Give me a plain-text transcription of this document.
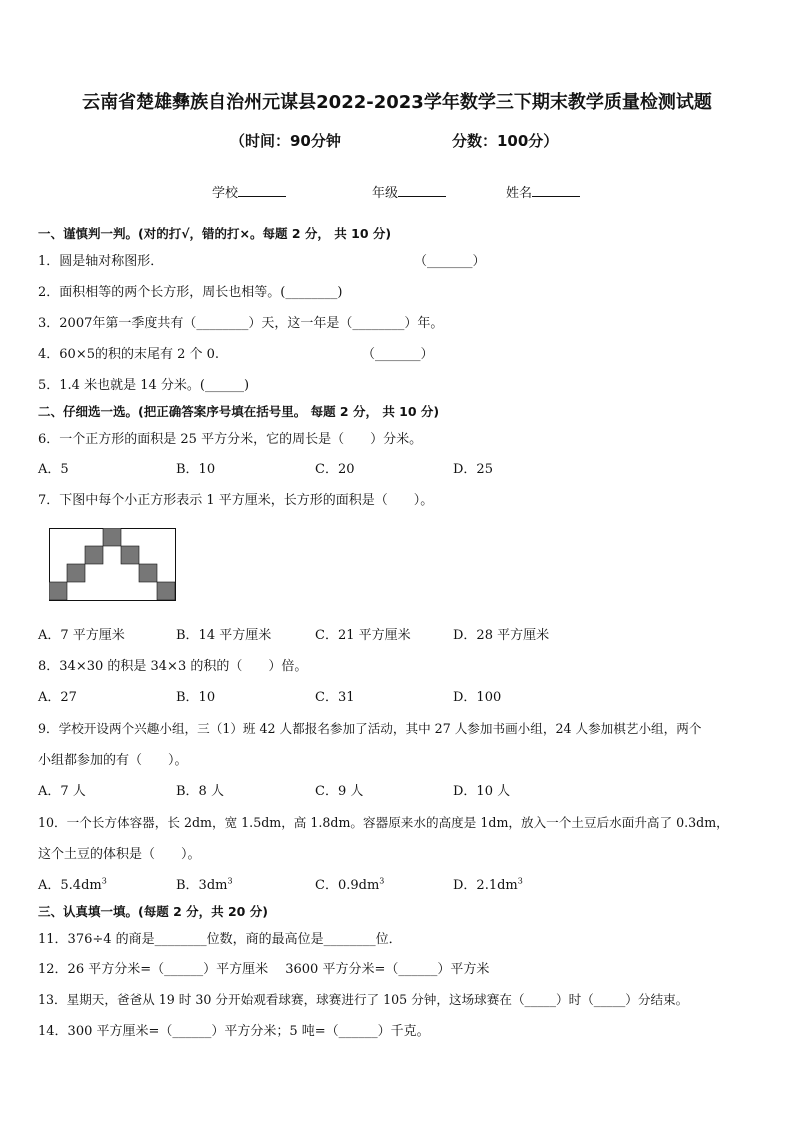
云南省楚雄彝族自治州元谋县2022-2023学年数学三下期末教学质量检测试题
（时间：90分钟	分数：100分）
学校	年级	姓名
一、谨慎判一判。(对的打√，错的打×。每题 2 分， 共 10 分)
1．圆是轴对称图形．	（_______）
2．面积相等的两个长方形，周长也相等。(________)
3．2007年第一季度共有（________）天，这一年是（________）年。
4．60×5的积的末尾有 2 个 0.	（_______）
5．1.4 米也就是 14 分米。(______)
二、仔细选一选。(把正确答案序号填在括号里。 每题 2 分， 共 10 分)
6．一个正方形的面积是 25 平方分米，它的周长是（　　）分米。
A．5	B．10	C．20	D．25
7．下图中每个小正方形表示 1 平方厘米，长方形的面积是（　　）。
A．7 平方厘米	B．14 平方厘米	C．21 平方厘米	D．28 平方厘米
8．34×30 的积是 34×3 的积的（　　）倍。
A．27	B．10	C．31	D．100
9．学校开设两个兴趣小组，三（1）班 42 人都报名参加了活动，其中 27 人参加书画小组，24 人参加棋艺小组，两个
小组都参加的有（　　）。
A．7 人	B．8 人	C．9 人	D．10 人
10．一个长方体容器，长 2dm，宽 1.5dm，高 1.8dm。容器原来水的高度是 1dm，放入一个土豆后水面升高了 0.3dm，
这个土豆的体积是（　　）。
A．$5.4dm^3$	B．$3dm^3$	C．$0.9dm^3$	D．$2.1dm^3$
三、认真填一填。(每题 2 分，共 20 分)
11．376÷4 的商是________位数，商的最高位是________位．
12．26 平方分米=（______）平方厘米　 3600 平方分米=（______）平方米
13．星期天，爸爸从 19 时 30 分开始观看球赛，球赛进行了 105 分钟，这场球赛在（_____）时（_____）分结束。
14．300 平方厘米=（______）平方分米；5 吨=（______）千克。
